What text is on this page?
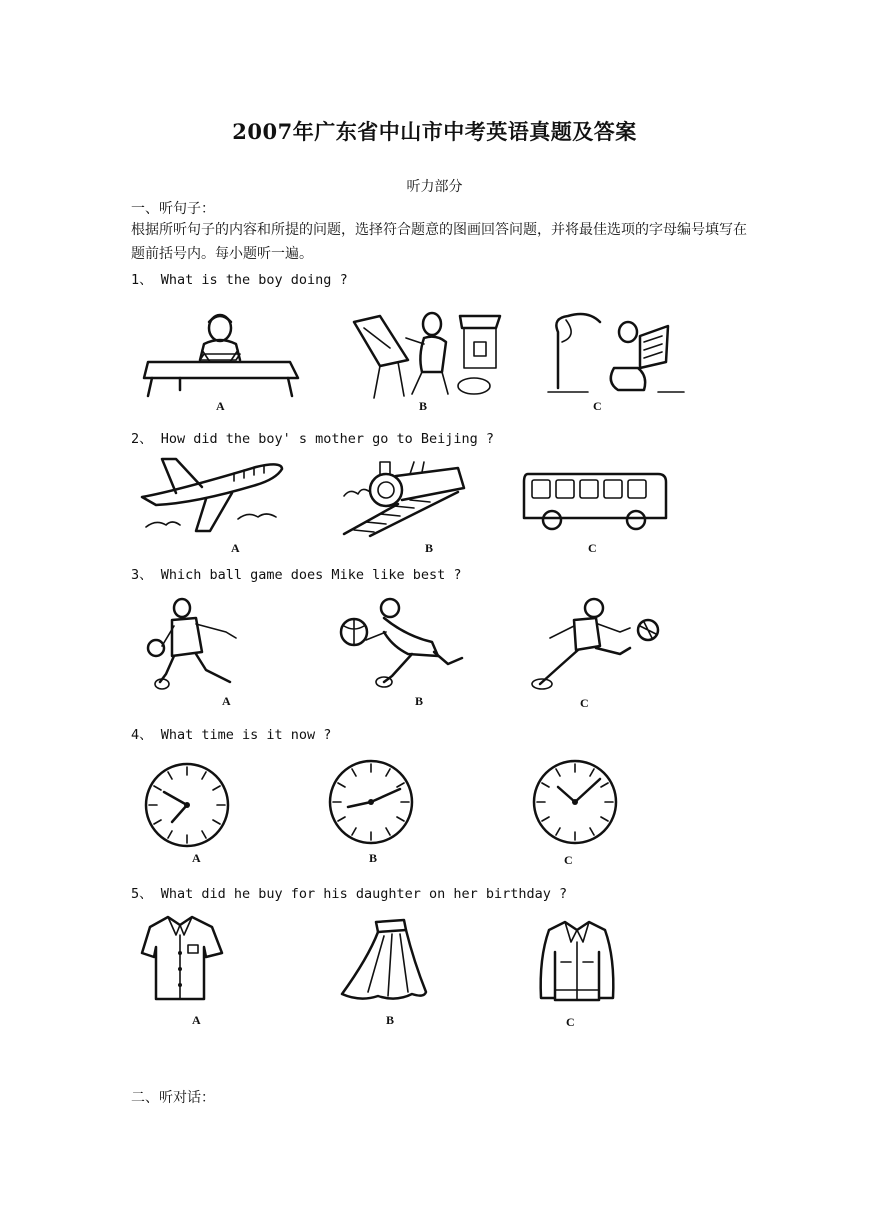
2007年广东省中山市中考英语真题及答案
听力部分
一、听句子：
根据所听句子的内容和所提的问题，选择符合题意的图画回答问题，并将最佳选项的字母编号填写在题前括号内。每小题听一遍。
1、 What is the boy doing ?
A	B	C
2、 How did the boy' s mother go to Beijing ?
A	B	C
3、 Which ball game does Mike like best ?
A	B	C
4、 What time is it now ?
A	B	C
5、 What did he buy for his daughter on her birthday ?
A	B	C
二、听对话：
